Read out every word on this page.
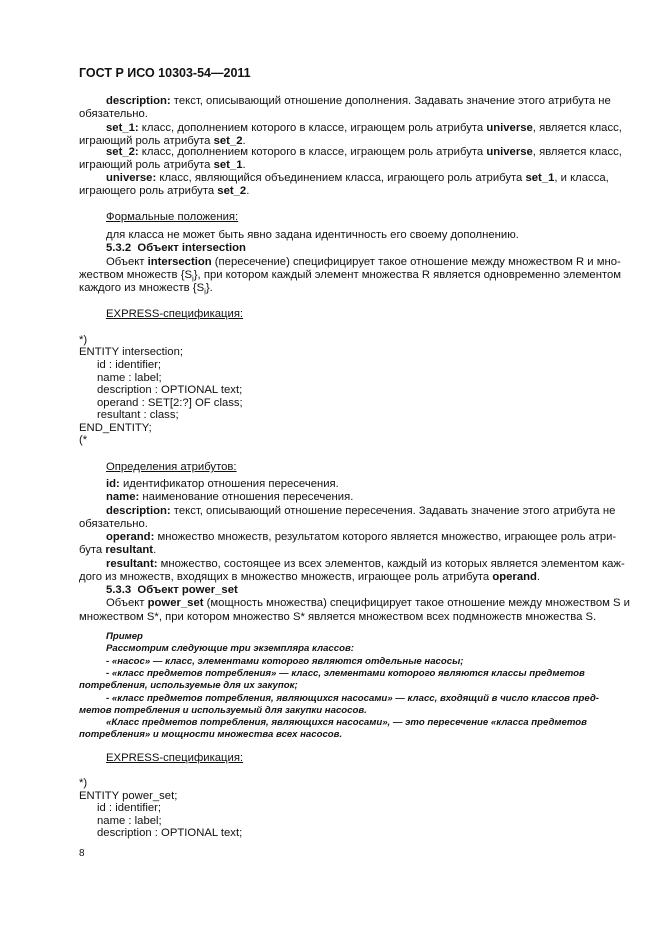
ГОСТ Р ИСО 10303-54—2011
description: текст, описывающий отношение дополнения. Задавать значение этого атрибута не
обязательно.
set_1: класс, дополнением которого в классе, играющем роль атрибута universe, является класс,
играющий роль атрибута set_2.
set_2: класс, дополнением которого в классе, играющем роль атрибута universe, является класс,
играющий роль атрибута set_1.
universe: класс, являющийся объединением класса, играющего роль атрибута set_1, и класса,
играющего роль атрибута set_2.
Формальные положения:
для класса не может быть явно задана идентичность его своему дополнению.
5.3.2 Объект intersection
Объект intersection (пересечение) специфицирует такое отношение между множеством R и мно-
жеством множеств $\{S_i\}$, при котором каждый элемент множества R является одновременно элементом
каждого из множеств $\{S_i\}$.
EXPRESS-спецификация:
*)
ENTITY intersection;
id : identifier;
name : label;
description : OPTIONAL text;
operand : SET[2:?] OF class;
resultant : class;
END_ENTITY;
(*
Определения атрибутов:
id: идентификатор отношения пересечения.
name: наименование отношения пересечения.
description: текст, описывающий отношение пересечения. Задавать значение этого атрибута не
обязательно.
operand: множество множеств, результатом которого является множество, играющее роль атри-
бута resultant.
resultant: множество, состоящее из всех элементов, каждый из которых является элементом каж-
дого из множеств, входящих в множество множеств, играющее роль атрибута operand.
5.3.3 Объект power_set
Объект power_set (мощность множества) специфицирует такое отношение между множеством S и
множеством S*, при котором множество S* является множеством всех подмножеств множества S.
Пример
Рассмотрим следующие три экземпляра классов:
- «насос» — класс, элементами которого являются отдельные насосы;
- «класс предметов потребления» — класс, элементами которого являются классы предметов
потребления, используемые для их закупок;
- «класс предметов потребления, являющихся насосами» — класс, входящий в число классов пред-
метов потребления и используемый для закупки насосов.
«Класс предметов потребления, являющихся насосами», — это пересечение «класса предметов
потребления» и мощности множества всех насосов.
EXPRESS-спецификация:
*)
ENTITY power_set;
id : identifier;
name : label;
description : OPTIONAL text;
8
